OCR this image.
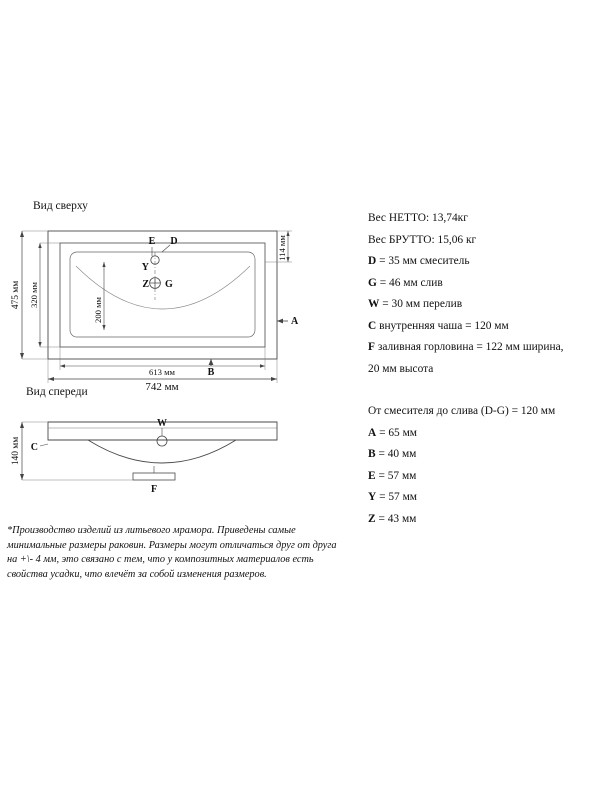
Вид сверху
Вид спереди
E D
Y
Z G
A
B
475 мм 320 мм
200 мм
114 мм
613 мм
742 мм
W
C
F
140 мм
Вес НЕТТО: 13,74кг
Вес БРУТТО: 15,06 кг
D = 35 мм смеситель
G = 46 мм слив
W = 30 мм перелив
C внутренняя чаша = 120 мм
F заливная горловина = 122 мм ширина,
20 мм высота
От смесителя до слива (D-G) = 120 мм
A = 65 мм
B = 40 мм
E = 57 мм
Y = 57 мм
Z = 43 мм
*Производство изделий из литьевого мрамора. Приведены самые минимальные размеры раковин. Размеры могут отличаться друг от друга на +\- 4 мм, это связано с тем, что у композитных материалов есть свойства усадки, что влечёт за собой изменения размеров.
